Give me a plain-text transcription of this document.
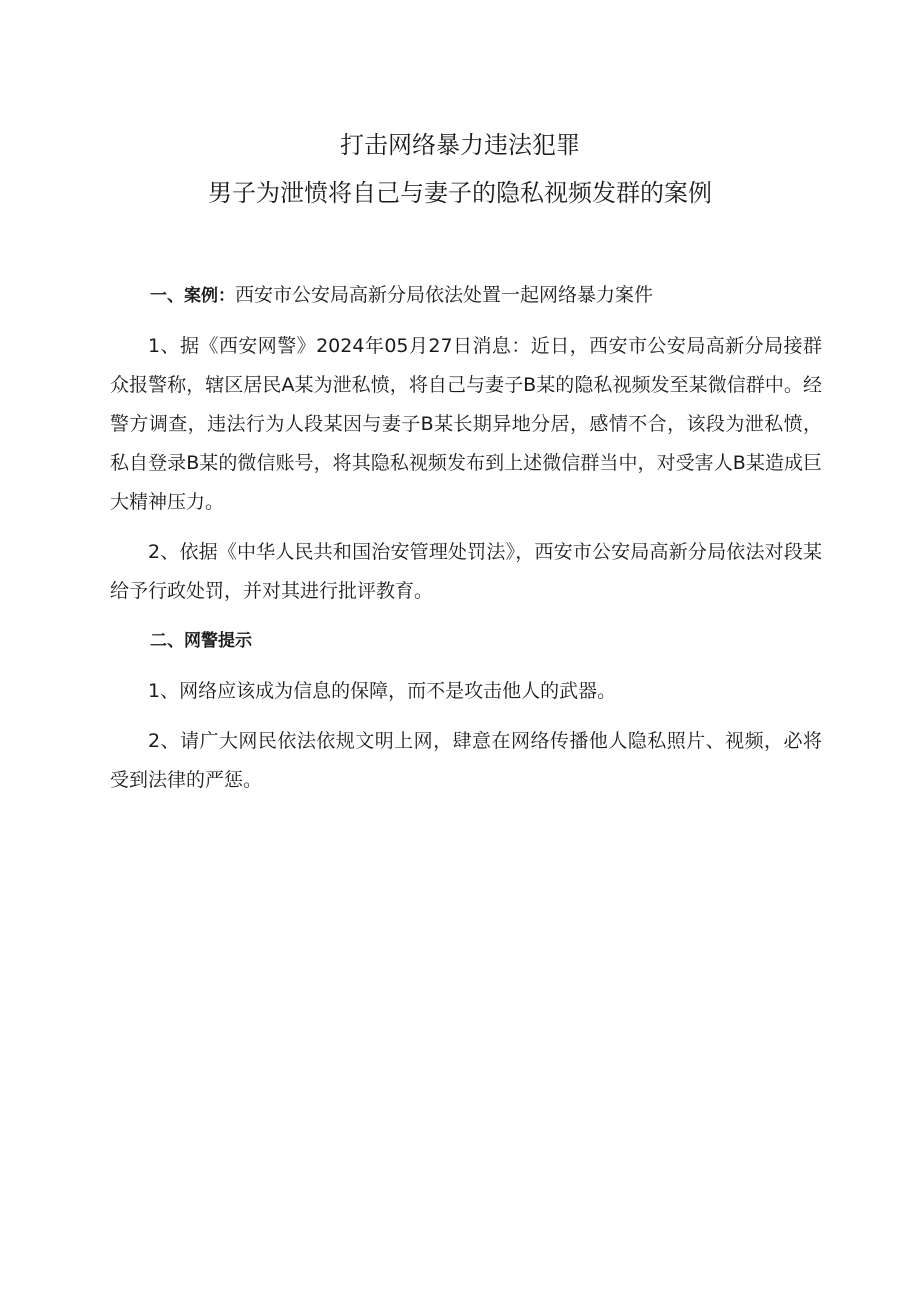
打击网络暴力违法犯罪
男子为泄愤将自己与妻子的隐私视频发群的案例
一、案例：西安市公安局高新分局依法处置一起网络暴力案件

1、据《西安网警》2024年05月27日消息：近日，西安市公安局高新分局接群众报警称，辖区居民A某为泄私愤，将自己与妻子B某的隐私视频发至某微信群中。经警方调查，违法行为人段某因与妻子B某长期异地分居，感情不合，该段为泄私愤，私自登录B某的微信账号，将其隐私视频发布到上述微信群当中，对受害人B某造成巨大精神压力。

2、依据《中华人民共和国治安管理处罚法》，西安市公安局高新分局依法对段某给予行政处罚，并对其进行批评教育。

二、网警提示

1、网络应该成为信息的保障，而不是攻击他人的武器。

2、请广大网民依法依规文明上网，肆意在网络传播他人隐私照片、视频，必将受到法律的严惩。
